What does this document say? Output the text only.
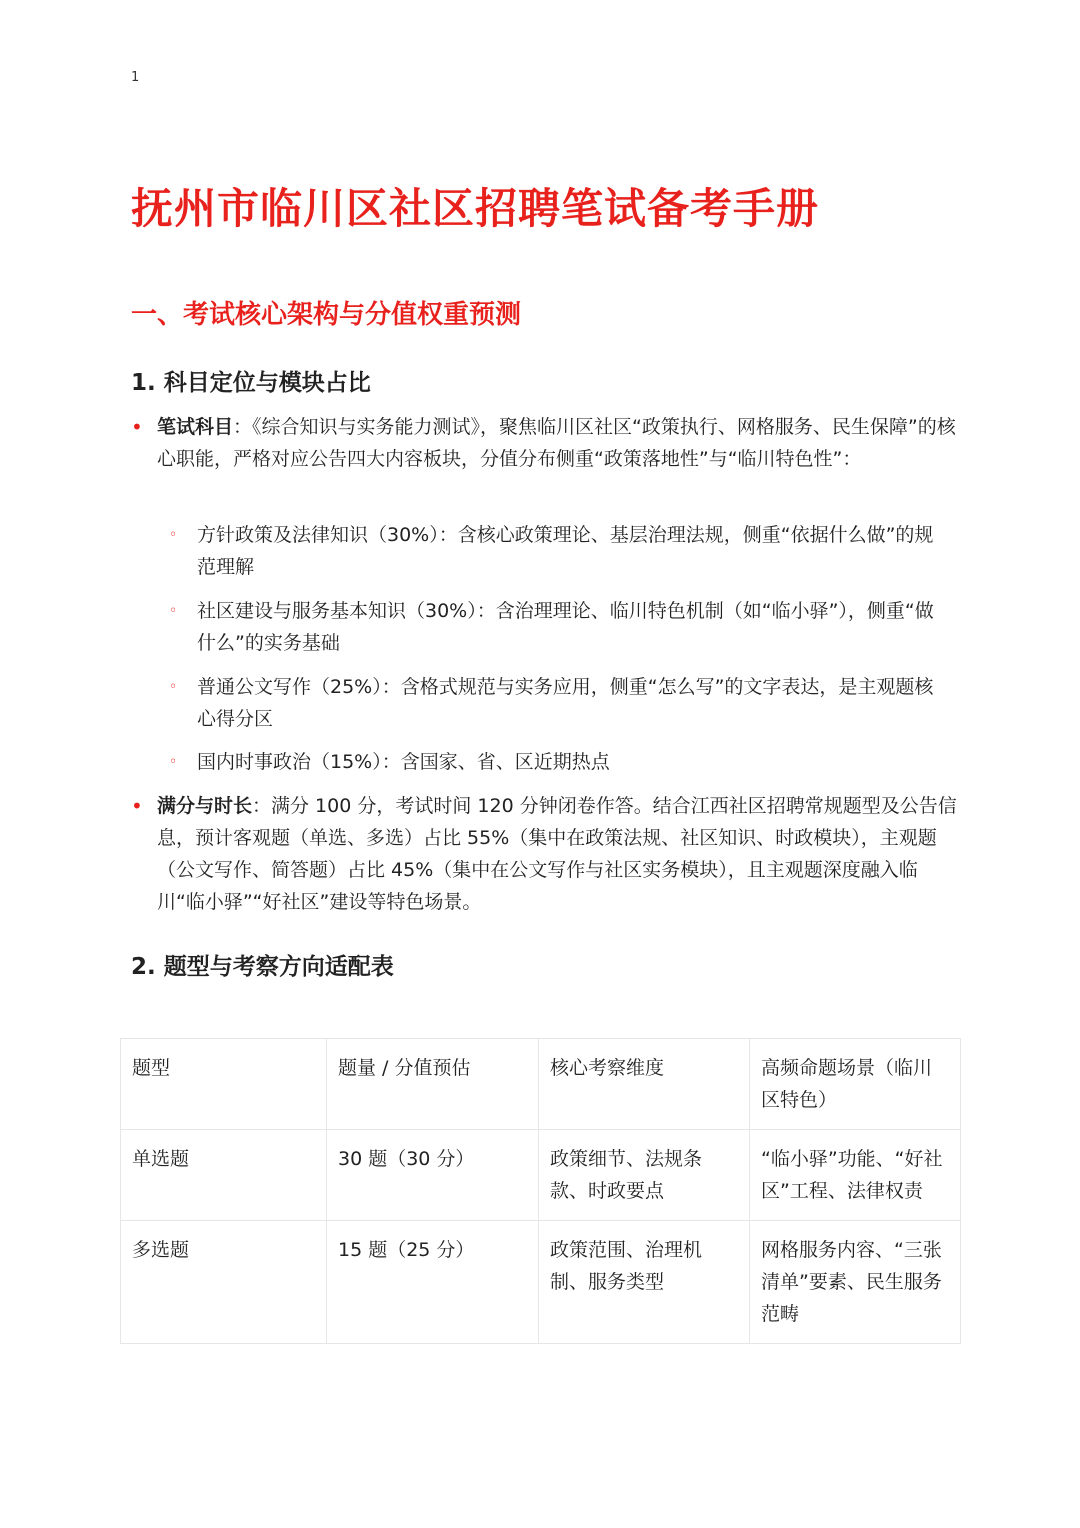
1
抚州市临川区社区招聘笔试备考手册
一、考试核心架构与分值权重预测
1. 科目定位与模块占比
• 笔试科目：《综合知识与实务能力测试》，聚焦临川区社区“政策执行、网格服务、民生保障”的核心职能，严格对应公告四大内容板块，分值分布侧重“政策落地性”与“临川特色性”：
◦ 方针政策及法律知识（30%）：含核心政策理论、基层治理法规，侧重“依据什么做”的规范理解
◦ 社区建设与服务基本知识（30%）：含治理理论、临川特色机制（如“临小驿”），侧重“做什么”的实务基础
◦ 普通公文写作（25%）：含格式规范与实务应用，侧重“怎么写”的文字表达，是主观题核心得分区
◦ 国内时事政治（15%）：含国家、省、区近期热点
• 满分与时长：满分 100 分，考试时间 120 分钟闭卷作答。结合江西社区招聘常规题型及公告信息，预计客观题（单选、多选）占比 55%（集中在政策法规、社区知识、时政模块），主观题（公文写作、简答题）占比 45%（集中在公文写作与社区实务模块），且主观题深度融入临川“临小驿”“好社区”建设等特色场景。
2. 题型与考察方向适配表
题型	题量 / 分值预估	核心考察维度	高频命题场景（临川区特色）
单选题	30 题（30 分）	政策细节、法规条款、时政要点	“临小驿”功能、“好社区”工程、法律权责
多选题	15 题（25 分）	政策范围、治理机制、服务类型	网格服务内容、“三张清单”要素、民生服务范畴
